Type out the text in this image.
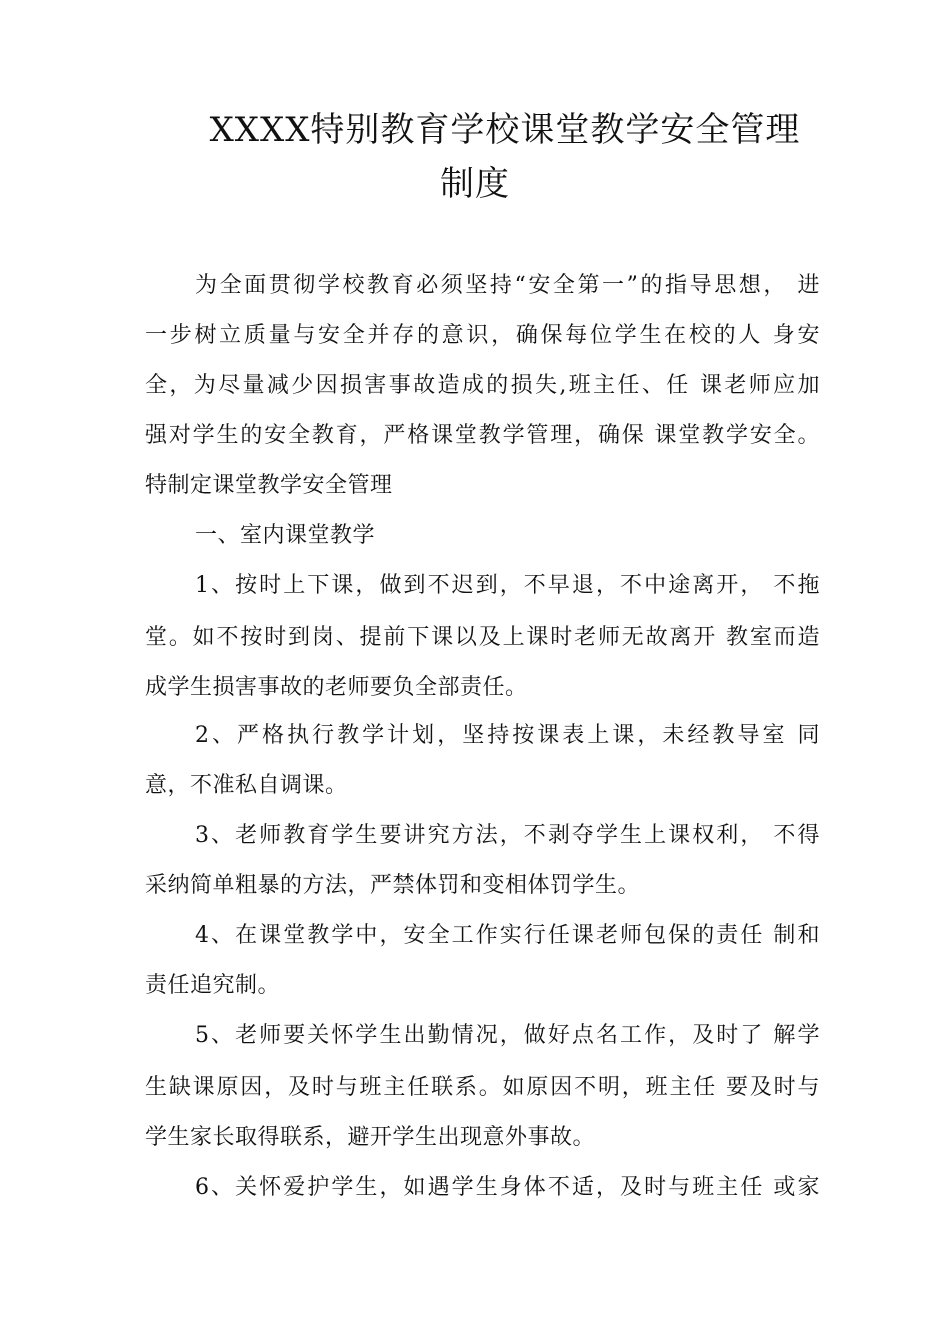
XXXX特别教育学校课堂教学安全管理
制度
为全面贯彻学校教育必须坚持“安全第一”的指导思想， 进
一步树立质量与安全并存的意识，确保每位学生在校的人 身安
全，为尽量减少因损害事故造成的损失,班主任、任 课老师应加
强对学生的安全教育，严格课堂教学管理，确保 课堂教学安全。
特制定课堂教学安全管理
一、室内课堂教学
1、按时上下课，做到不迟到，不早退，不中途离开， 不拖
堂。如不按时到岗、提前下课以及上课时老师无故离开 教室而造
成学生损害事故的老师要负全部责任。
2、严格执行教学计划，坚持按课表上课，未经教导室 同
意，不准私自调课。
3、老师教育学生要讲究方法，不剥夺学生上课权利， 不得
采纳简单粗暴的方法，严禁体罚和变相体罚学生。
4、在课堂教学中，安全工作实行任课老师包保的责任 制和
责任追究制。
5、老师要关怀学生出勤情况，做好点名工作，及时了 解学
生缺课原因，及时与班主任联系。如原因不明，班主任 要及时与
学生家长取得联系，避开学生出现意外事故。
6、关怀爱护学生，如遇学生身体不适，及时与班主任 或家
